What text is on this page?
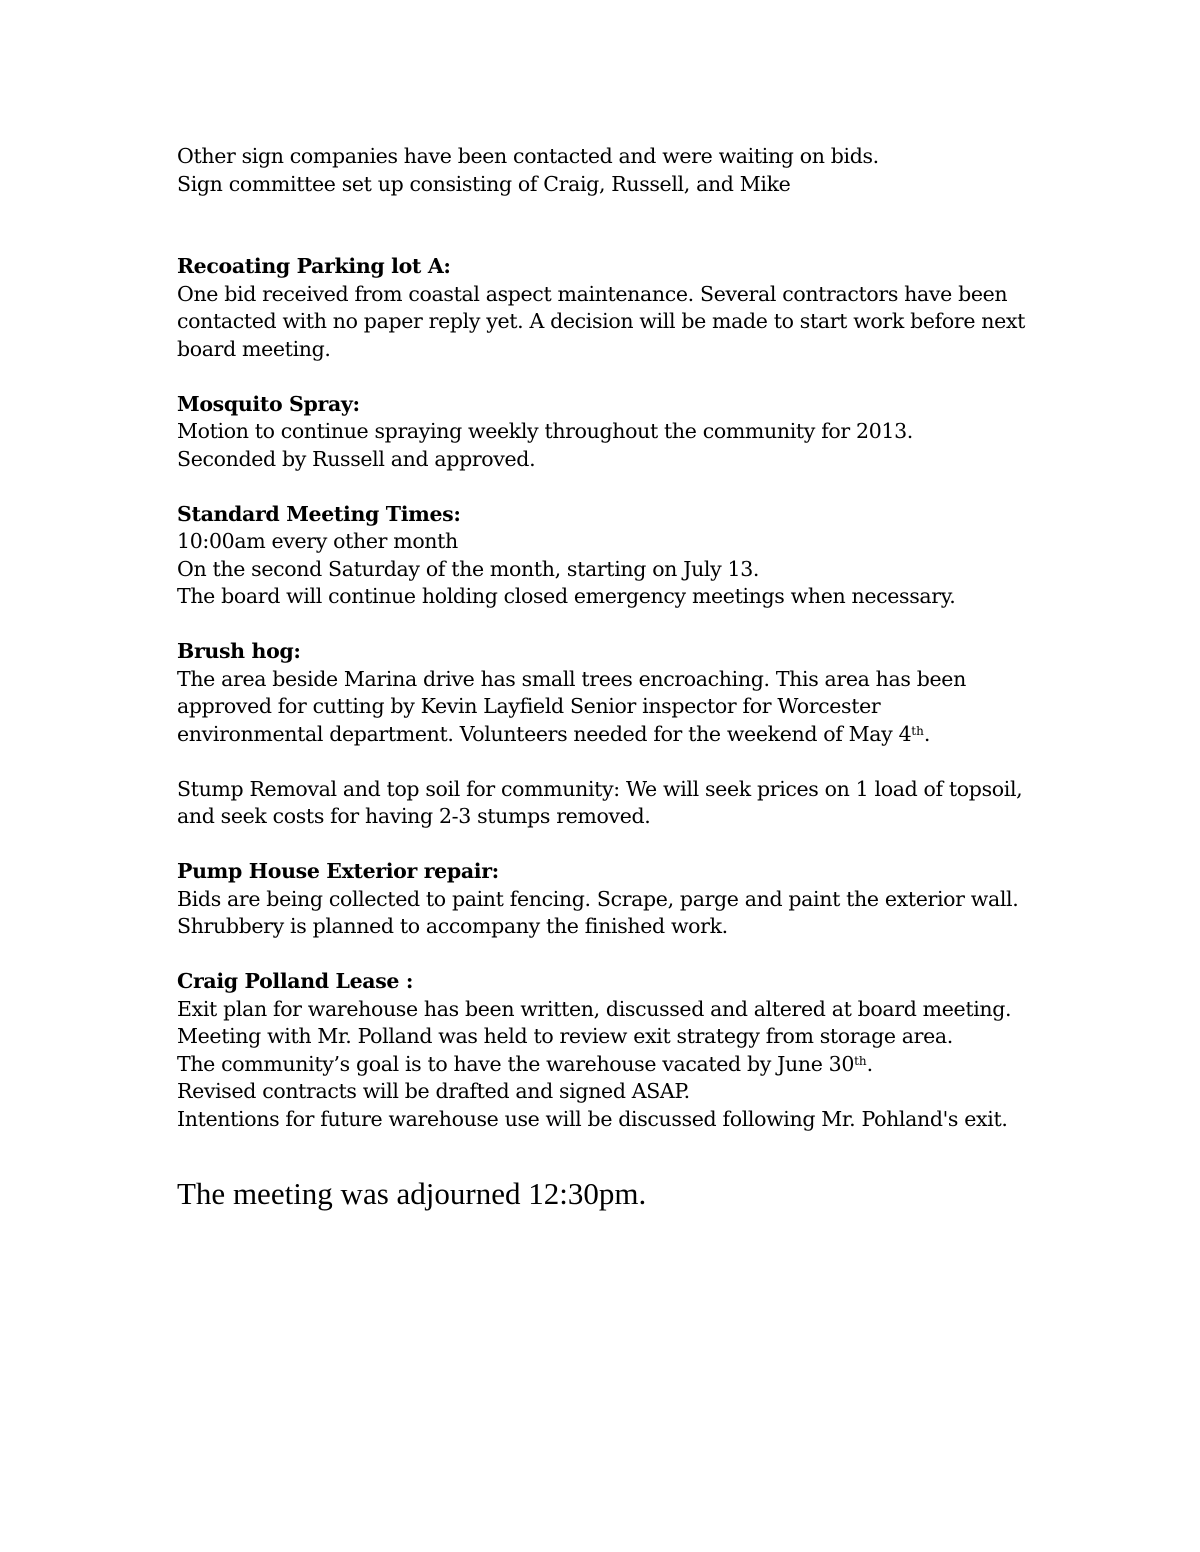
Other sign companies have been contacted and were waiting on bids.
Sign committee set up consisting of Craig, Russell, and Mike
Recoating Parking lot A:
One bid received from coastal aspect maintenance. Several contractors have been
contacted with no paper reply yet. A decision will be made to start work before next
board meeting.
Mosquito Spray:
Motion to continue spraying weekly throughout the community for 2013.
Seconded by Russell and approved.
Standard Meeting Times:
10:00am every other month
On the second Saturday of the month, starting on July 13.
The board will continue holding closed emergency meetings when necessary.
Brush hog:
The area beside Marina drive has small trees encroaching. This area has been
approved for cutting by Kevin Layfield Senior inspector for Worcester
environmental department. Volunteers needed for the weekend of May 4th.
Stump Removal and top soil for community: We will seek prices on 1 load of topsoil,
and seek costs for having 2-3 stumps removed.
Pump House Exterior repair:
Bids are being collected to paint fencing. Scrape, parge and paint the exterior wall.
Shrubbery is planned to accompany the finished work.
Craig Polland Lease :
Exit plan for warehouse has been written, discussed and altered at board meeting.
Meeting with Mr. Polland was held to review exit strategy from storage area.
The community’s goal is to have the warehouse vacated by June 30th.
Revised contracts will be drafted and signed ASAP.
Intentions for future warehouse use will be discussed following Mr. Pohland's exit.
The meeting was adjourned 12:30pm.
